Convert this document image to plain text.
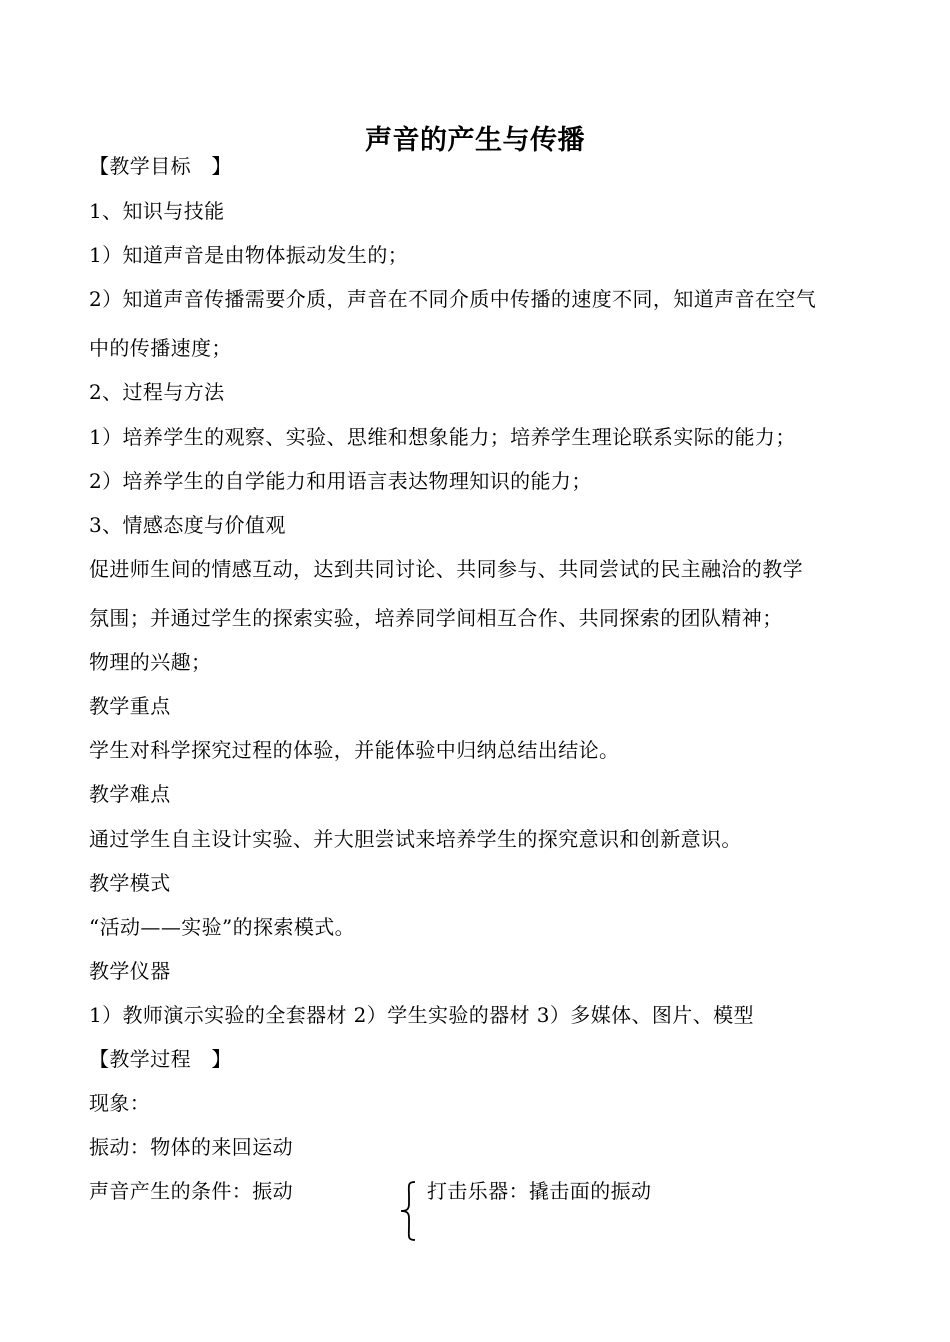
声音的产生与传播
【教学目标　】
1、知识与技能
1）知道声音是由物体振动发生的；
2）知道声音传播需要介质，声音在不同介质中传播的速度不同，知道声音在空气
中的传播速度；
2、过程与方法
1）培养学生的观察、实验、思维和想象能力；培养学生理论联系实际的能力；
2）培养学生的自学能力和用语言表达物理知识的能力；
3、情感态度与价值观
促进师生间的情感互动，达到共同讨论、共同参与、共同尝试的民主融洽的教学
氛围；并通过学生的探索实验，培养同学间相互合作、共同探索的团队精神；
物理的兴趣；
教学重点
学生对科学探究过程的体验，并能体验中归纳总结出结论。
教学难点
通过学生自主设计实验、并大胆尝试来培养学生的探究意识和创新意识。
教学模式
“活动——实验”的探索模式。
教学仪器
1）教师演示实验的全套器材 2）学生实验的器材 3）多媒体、图片、模型
【教学过程　】
现象：
振动：物体的来回运动
声音产生的条件：振动	打击乐器：撬击面的振动
